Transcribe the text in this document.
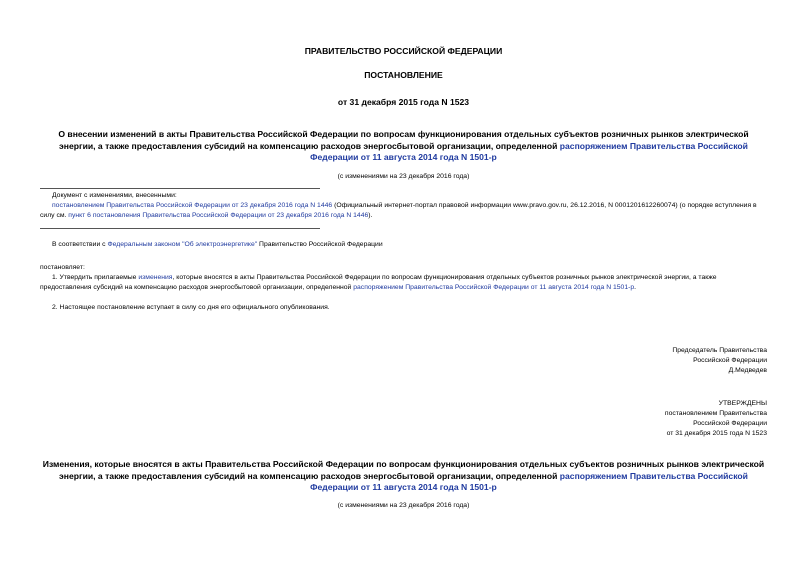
ПРАВИТЕЛЬСТВО РОССИЙСКОЙ ФЕДЕРАЦИИ
ПОСТАНОВЛЕНИЕ
от 31 декабря 2015 года N 1523
О внесении изменений в акты Правительства Российской Федерации по вопросам функционирования отдельных субъектов розничных рынков электрической энергии, а также предоставления субсидий на компенсацию расходов энергосбытовой организации, определенной распоряжением Правительства Российской Федерации от 11 августа 2014 года N 1501-р
(с изменениями на 23 декабря 2016 года)
Документ с изменениями, внесенными:
постановлением Правительства Российской Федерации от 23 декабря 2016 года N 1446 (Официальный интернет-портал правовой информации www.pravo.gov.ru, 26.12.2016, N 0001201612260074) (о порядке вступления в силу см. пункт 6 постановления Правительства Российской Федерации от 23 декабря 2016 года N 1446).
В соответствии с Федеральным законом "Об электроэнергетике" Правительство Российской Федерации
постановляет:
1. Утвердить прилагаемые изменения, которые вносятся в акты Правительства Российской Федерации по вопросам функционирования отдельных субъектов розничных рынков электрической энергии, а также предоставления субсидий на компенсацию расходов энергосбытовой организации, определенной распоряжением Правительства Российской Федерации от 11 августа 2014 года N 1501-р.
2. Настоящее постановление вступает в силу со дня его официального опубликования.
Председатель Правительства
Российской Федерации
Д.Медведев
УТВЕРЖДЕНЫ
постановлением Правительства
Российской Федерации
от 31 декабря 2015 года N 1523
Изменения, которые вносятся в акты Правительства Российской Федерации по вопросам функционирования отдельных субъектов розничных рынков электрической энергии, а также предоставления субсидий на компенсацию расходов энергосбытовой организации, определенной распоряжением Правительства Российской Федерации от 11 августа 2014 года N 1501-р
(с изменениями на 23 декабря 2016 года)
